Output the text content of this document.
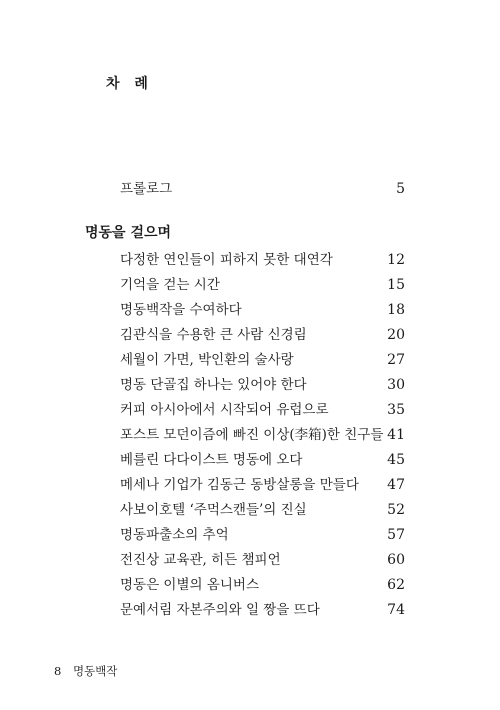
차 례
프롤로그	5
명동을 걸으며
다정한 연인들이 피하지 못한 대연각	12
기억을 걷는 시간	15
명동백작을 수여하다	18
김관식을 수용한 큰 사람 신경림	20
세월이 가면, 박인환의 술사랑	27
명동 단골집 하나는 있어야 한다	30
커피 아시아에서 시작되어 유럽으로	35
포스트 모던이즘에 빠진 이상(李箱)한 친구들 41
베를린 다다이스트 명동에 오다	45
메세나 기업가 김동근 동방살롱을 만들다 47
사보이호텔 ‘주먹스캔들’의 진실	52
명동파출소의 추억	57
전진상 교육관, 히든 챔피언	60
명동은 이별의 옴니버스	62
문예서림 자본주의와 일 짱을 뜨다	74
8 명동백작
